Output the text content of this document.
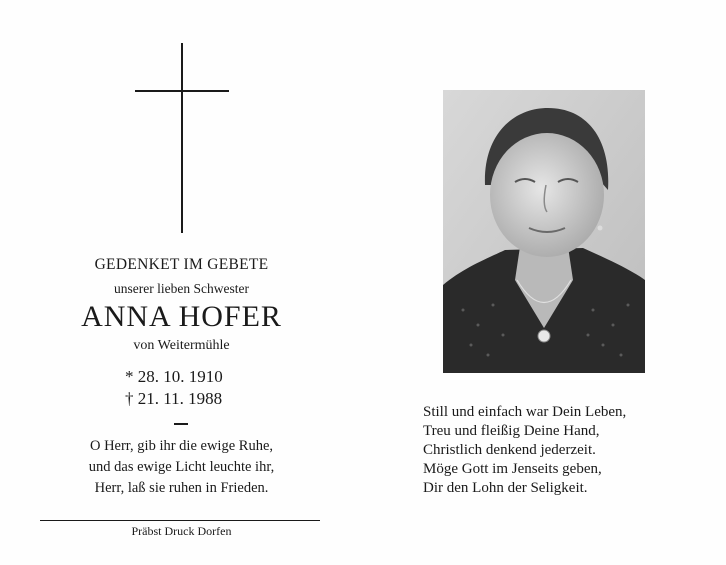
GEDENKET IM GEBETE
unserer lieben Schwester
ANNA HOFER
von Weitermühle
* 28. 10. 1910
† 21. 11. 1988
O Herr, gib ihr die ewige Ruhe,
und das ewige Licht leuchte ihr,
Herr, laß sie ruhen in Frieden.
Präbst Druck Dorfen
Still und einfach war Dein Leben,
Treu und fleißig Deine Hand,
Christlich denkend jederzeit.
Möge Gott im Jenseits geben,
Dir den Lohn der Seligkeit.
